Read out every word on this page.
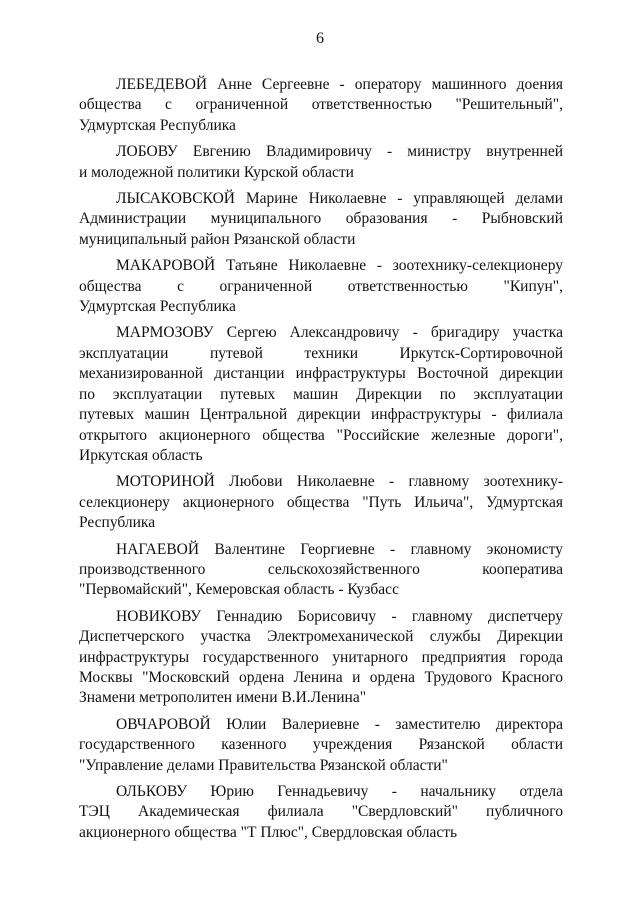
6
ЛЕБЕДЕВОЙ Анне Сергеевне - оператору машинного доения
общества с ограниченной ответственностью "Решительный",
Удмуртская Республика
ЛОБОВУ Евгению Владимировичу - министру внутренней
и молодежной политики Курской области
ЛЫСАКОВСКОЙ Марине Николаевне - управляющей делами
Администрации муниципального образования - Рыбновский
муниципальный район Рязанской области
МАКАРОВОЙ Татьяне Николаевне - зоотехнику-селекционеру
общества с ограниченной ответственностью "Кипун",
Удмуртская Республика
МАРМОЗОВУ Сергею Александровичу - бригадиру участка
эксплуатации путевой техники Иркутск-Сортировочной
механизированной дистанции инфраструктуры Восточной дирекции
по эксплуатации путевых машин Дирекции по эксплуатации
путевых машин Центральной дирекции инфраструктуры - филиала
открытого акционерного общества "Российские железные дороги",
Иркутская область
МОТОРИНОЙ Любови Николаевне - главному зоотехнику-
селекционеру акционерного общества "Путь Ильича", Удмуртская
Республика
НАГАЕВОЙ Валентине Георгиевне - главному экономисту
производственного сельскохозяйственного кооператива
"Первомайский", Кемеровская область - Кузбасс
НОВИКОВУ Геннадию Борисовичу - главному диспетчеру
Диспетчерского участка Электромеханической службы Дирекции
инфраструктуры государственного унитарного предприятия города
Москвы "Московский ордена Ленина и ордена Трудового Красного
Знамени метрополитен имени В.И.Ленина"
ОВЧАРОВОЙ Юлии Валериевне - заместителю директора
государственного казенного учреждения Рязанской области
"Управление делами Правительства Рязанской области"
ОЛЬКОВУ Юрию Геннадьевичу - начальнику отдела
ТЭЦ Академическая филиала "Свердловский" публичного
акционерного общества "Т Плюс", Свердловская область
